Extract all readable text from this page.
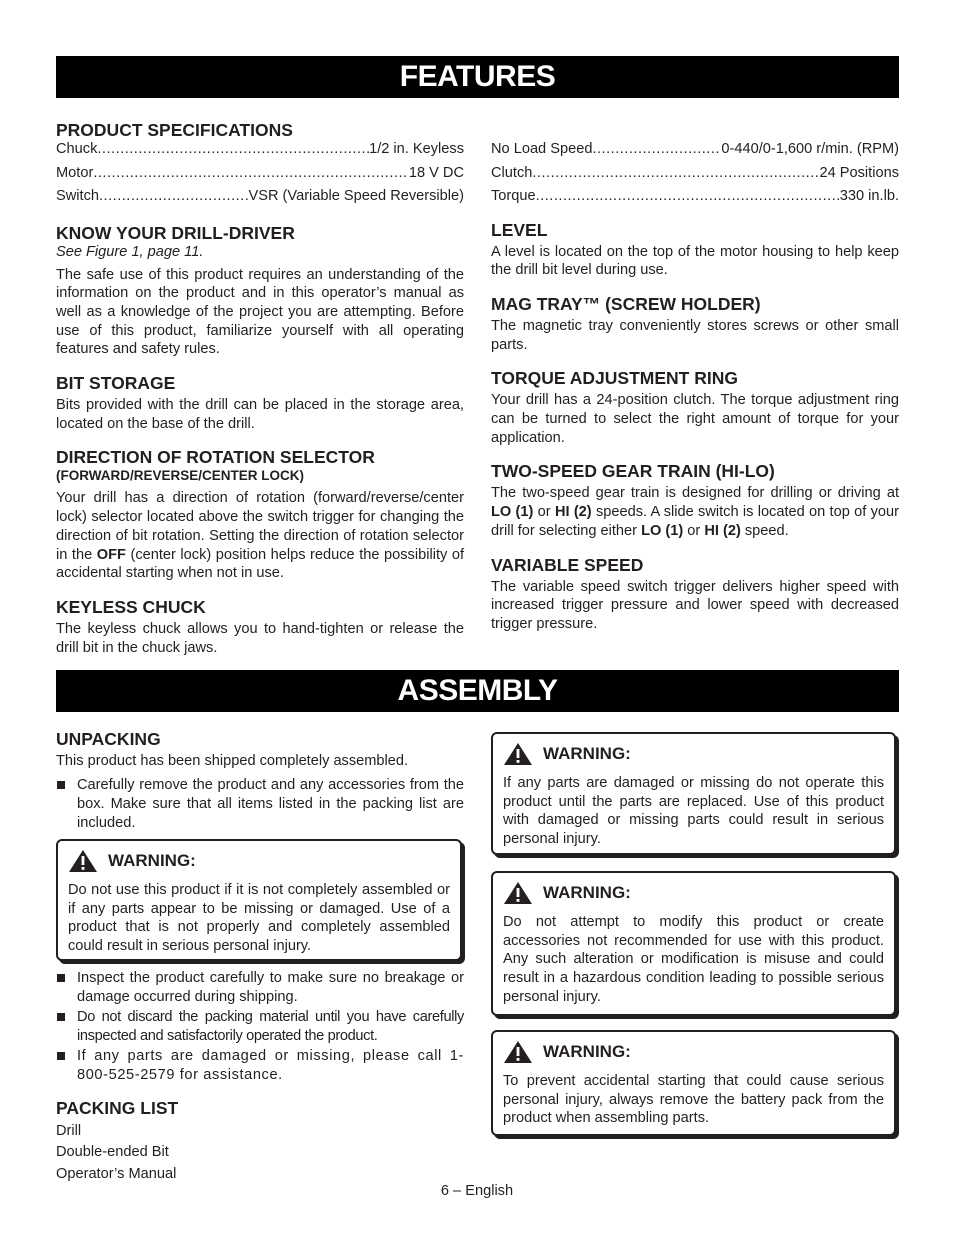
FEATURES
PRODUCT SPECIFICATIONS
Chuck .....	1/2 in. Keyless
Motor .....	18 V DC
Switch .....	VSR (Variable Speed Reversible)
KNOW YOUR DRILL-DRIVER
See Figure 1, page 11.

The safe use of this product requires an understanding of the information on the product and in this operator’s manual as well as a knowledge of the project you are attempting. Before use of this product, familiarize yourself with all operating features and safety rules.

BIT STORAGE

Bits provided with the drill can be placed in the storage area, located on the base of the drill.

DIRECTION OF ROTATION SELECTOR
(FORWARD/REVERSE/CENTER LOCK)

Your drill has a direction of rotation (forward/reverse/center lock) selector located above the switch trigger for changing the direction of bit rotation. Setting the direction of rotation selector in the OFF (center lock) position helps reduce the possibility of accidental starting when not in use.

KEYLESS CHUCK

The keyless chuck allows you to hand-tighten or release the drill bit in the chuck jaws.

No Load Speed .....	0-440/0-1,600 r/min. (RPM)
Clutch .....	24 Positions
Torque .....	330 in.lb.
LEVEL

A level is located on the top of the motor housing to help keep the drill bit level during use.

MAG TRAY™ (SCREW HOLDER)

The magnetic tray conveniently stores screws or other small parts.

TORQUE ADJUSTMENT RING

Your drill has a 24-position clutch. The torque adjustment ring can be turned to select the right amount of torque for your application.

TWO-SPEED GEAR TRAIN (HI-LO)

The two-speed gear train is designed for drilling or driving at LO (1) or HI (2) speeds. A slide switch is located on top of your drill for selecting either LO (1) or HI (2) speed.

VARIABLE SPEED

The variable speed switch trigger delivers higher speed with increased trigger pressure and lower speed with decreased trigger pressure.

ASSEMBLY
UNPACKING

This product has been shipped completely assembled.

Carefully remove the product and any accessories from the box. Make sure that all items listed in the packing list are included.
WARNING:

Do not use this product if it is not completely assembled or if any parts appear to be missing or damaged. Use of a product that is not properly and completely assembled could result in serious personal injury.

Inspect the product carefully to make sure no breakage or damage occurred during shipping.
Do not discard the packing material until you have carefully inspected and satisfactorily operated the product.
If any parts are damaged or missing, please call 1-800-525-2579 for assistance.
PACKING LIST
Drill
Double-ended Bit
Operator’s Manual
WARNING:

If any parts are damaged or missing do not operate this product until the parts are replaced. Use of this product with damaged or missing parts could result in serious personal injury.

WARNING:

Do not attempt to modify this product or create accessories not recommended for use with this product. Any such alteration or modification is misuse and could result in a hazardous condition leading to possible serious personal injury.

WARNING:

To prevent accidental starting that could cause serious personal injury, always remove the battery pack from the product when assembling parts.

6 – English
